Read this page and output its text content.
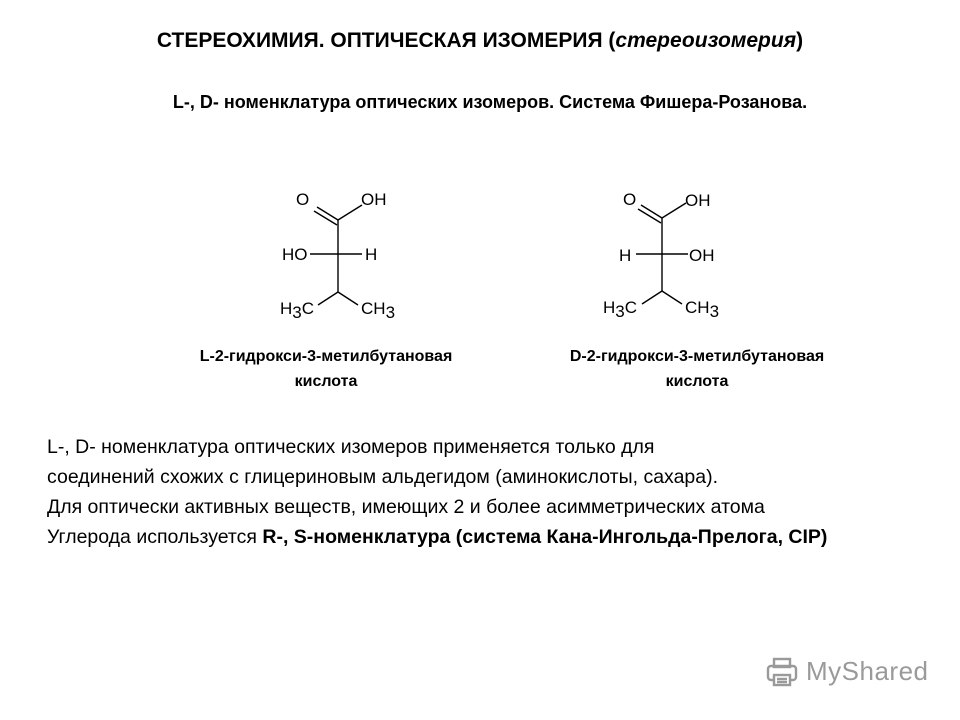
СТЕРЕОХИМИЯ. ОПТИЧЕСКАЯ ИЗОМЕРИЯ (стереоизомерия)
L-, D- номенклатура оптических изомеров. Система Фишера-Розанова.
O	OH
HO	H
H3C	CH3
O	OH
H	OH
H3C	CH3
L-2-гидрокси-3-метилбутановая
кислота
D-2-гидрокси-3-метилбутановая
кислота
L-, D- номенклатура оптических изомеров применяется только для
соединений схожих с глицериновым альдегидом (аминокислоты, сахара).
Для оптически активных веществ, имеющих 2 и более асимметрических атома
Углерода используется R-, S-номенклатура (система Кана-Ингольда-Прелога, CIP)
MyShared
